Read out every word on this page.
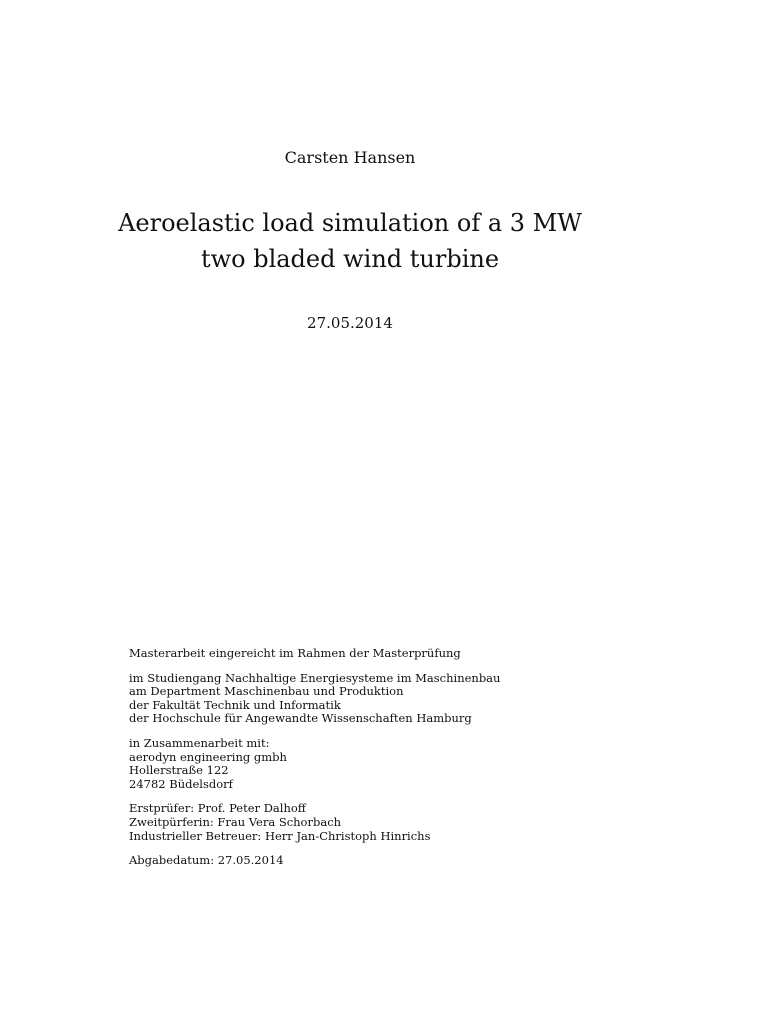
Carsten Hansen
Aeroelastic load simulation of a 3 MW
two bladed wind turbine
27.05.2014
Masterarbeit eingereicht im Rahmen der Masterprüfung
im Studiengang Nachhaltige Energiesysteme im Maschinenbau
am Department Maschinenbau und Produktion
der Fakultät Technik und Informatik
der Hochschule für Angewandte Wissenschaften Hamburg
in Zusammenarbeit mit:
aerodyn engineering gmbh
Hollerstraße 122
24782 Büdelsdorf
Erstprüfer: Prof. Peter Dalhoff
Zweitpürferin: Frau Vera Schorbach
Industrieller Betreuer: Herr Jan-Christoph Hinrichs
Abgabedatum: 27.05.2014
